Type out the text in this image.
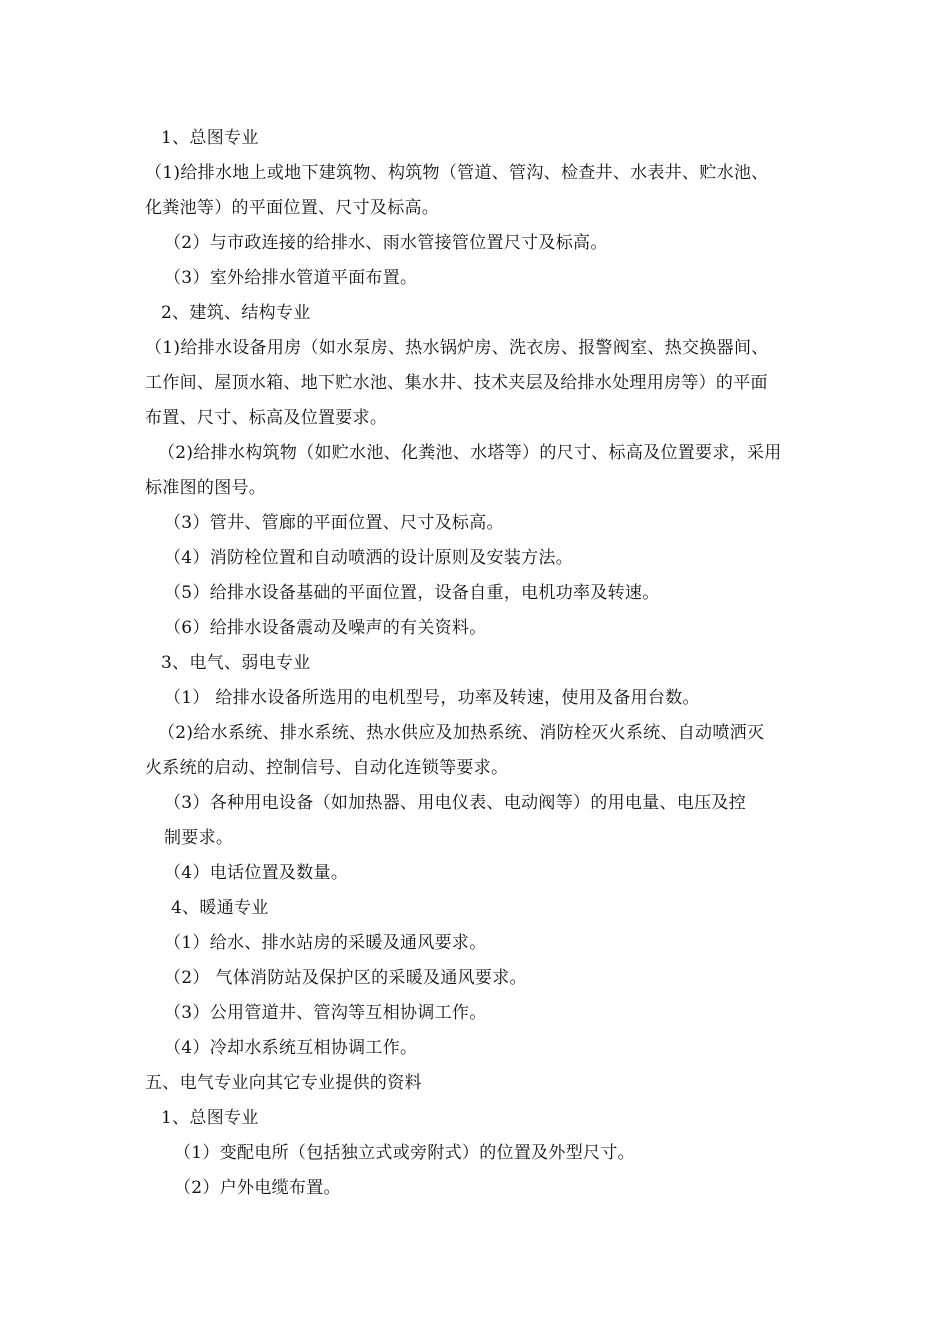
1、总图专业
（1)给排水地上或地下建筑物、构筑物（管道、管沟、检查井、水表井、贮水池、
化粪池等）的平面位置、尺寸及标高。
（2）与市政连接的给排水、雨水管接管位置尺寸及标高。
（3）室外给排水管道平面布置。
2、建筑、结构专业
（1)给排水设备用房（如水泵房、热水锅炉房、洗衣房、报警阀室、热交换器间、
工作间、屋顶水箱、地下贮水池、集水井、技术夹层及给排水处理用房等）的平面
布置、尺寸、标高及位置要求。
（2)给排水构筑物（如贮水池、化粪池、水塔等）的尺寸、标高及位置要求，采用
标准图的图号。
（3）管井、管廊的平面位置、尺寸及标高。
（4）消防栓位置和自动喷洒的设计原则及安装方法。
（5）给排水设备基础的平面位置，设备自重，电机功率及转速。
（6）给排水设备震动及噪声的有关资料。
3、电气、弱电专业
（1） 给排水设备所选用的电机型号，功率及转速，使用及备用台数。
（2)给水系统、排水系统、热水供应及加热系统、消防栓灭火系统、自动喷洒灭
火系统的启动、控制信号、自动化连锁等要求。
（3）各种用电设备（如加热器、用电仪表、电动阀等）的用电量、电压及控
制要求。
（4）电话位置及数量。
4、暖通专业
（1）给水、排水站房的采暖及通风要求。
（2） 气体消防站及保护区的采暖及通风要求。
（3）公用管道井、管沟等互相协调工作。
（4）冷却水系统互相协调工作。
五、电气专业向其它专业提供的资料
1、总图专业
（1）变配电所（包括独立式或旁附式）的位置及外型尺寸。
（2）户外电缆布置。
